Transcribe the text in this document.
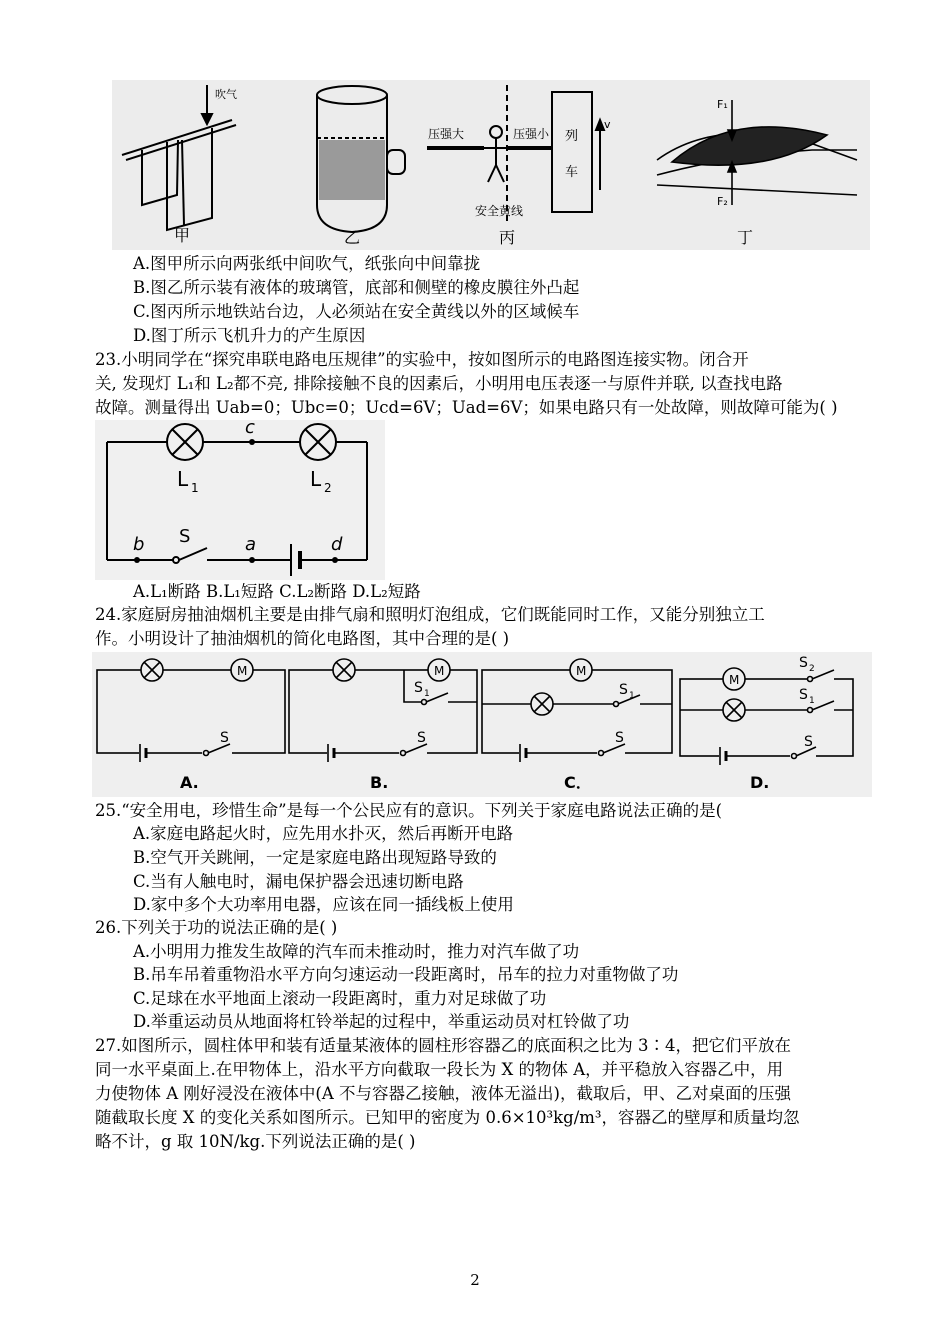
甲
吹气
乙
压强大	压强小 列
车
v
安全黄线
丙
F₁
F₂
丁
A.图甲所示向两张纸中间吹气，纸张向中间靠拢
B.图乙所示装有液体的玻璃管，底部和侧壁的橡皮膜往外凸起
C.图丙所示地铁站台边，人必须站在安全黄线以外的区域候车
D.图丁所示飞机升力的产生原因
23.小明同学在“探究串联电路电压规律”的实验中，按如图所示的电路图连接实物。闭合开
关, 发现灯 L₁和 L₂都不亮, 排除接触不良的因素后，小明用电压表逐一与原件并联, 以查找电路
故障。测量得出 Uab=0；Ubc=0；Ucd=6V；Uad=6V；如果电路只有一处故障，则故障可能为( )
c
L 1	L 2
b S	a	d
A.L₁断路 B.L₁短路 C.L₂断路 D.L₂短路
24.家庭厨房抽油烟机主要是由排气扇和照明灯泡组成，它们既能同时工作，又能分别独立工
作。小明设计了抽油烟机的简化电路图，其中合理的是( )
M	M	M
M
S	S
S 1
S
S 1
S
S 2
S 1
A.	B.	C．	D.
25.“安全用电，珍惜生命”是每一个公民应有的意识。下列关于家庭电路说法正确的是(
A.家庭电路起火时，应先用水扑灭，然后再断开电路
B.空气开关跳闸，一定是家庭电路出现短路导致的
C.当有人触电时，漏电保护器会迅速切断电路
D.家中多个大功率用电器，应该在同一插线板上使用
26.下列关于功的说法正确的是( )
A.小明用力推发生故障的汽车而未推动时，推力对汽车做了功
B.吊车吊着重物沿水平方向匀速运动一段距离时，吊车的拉力对重物做了功
C.足球在水平地面上滚动一段距离时，重力对足球做了功
D.举重运动员从地面将杠铃举起的过程中，举重运动员对杠铃做了功
27.如图所示，圆柱体甲和装有适量某液体的圆柱形容器乙的底面积之比为 3∶4，把它们平放在
同一水平桌面上.在甲物体上，沿水平方向截取一段长为 X 的物体 A，并平稳放入容器乙中，用
力使物体 A 刚好浸没在液体中(A 不与容器乙接触，液体无溢出)，截取后，甲、乙对桌面的压强
随截取长度 X 的变化关系如图所示。已知甲的密度为 0.6×10³kg/m³，容器乙的壁厚和质量均忽
略不计，g 取 10N/kg.下列说法正确的是( )
2
